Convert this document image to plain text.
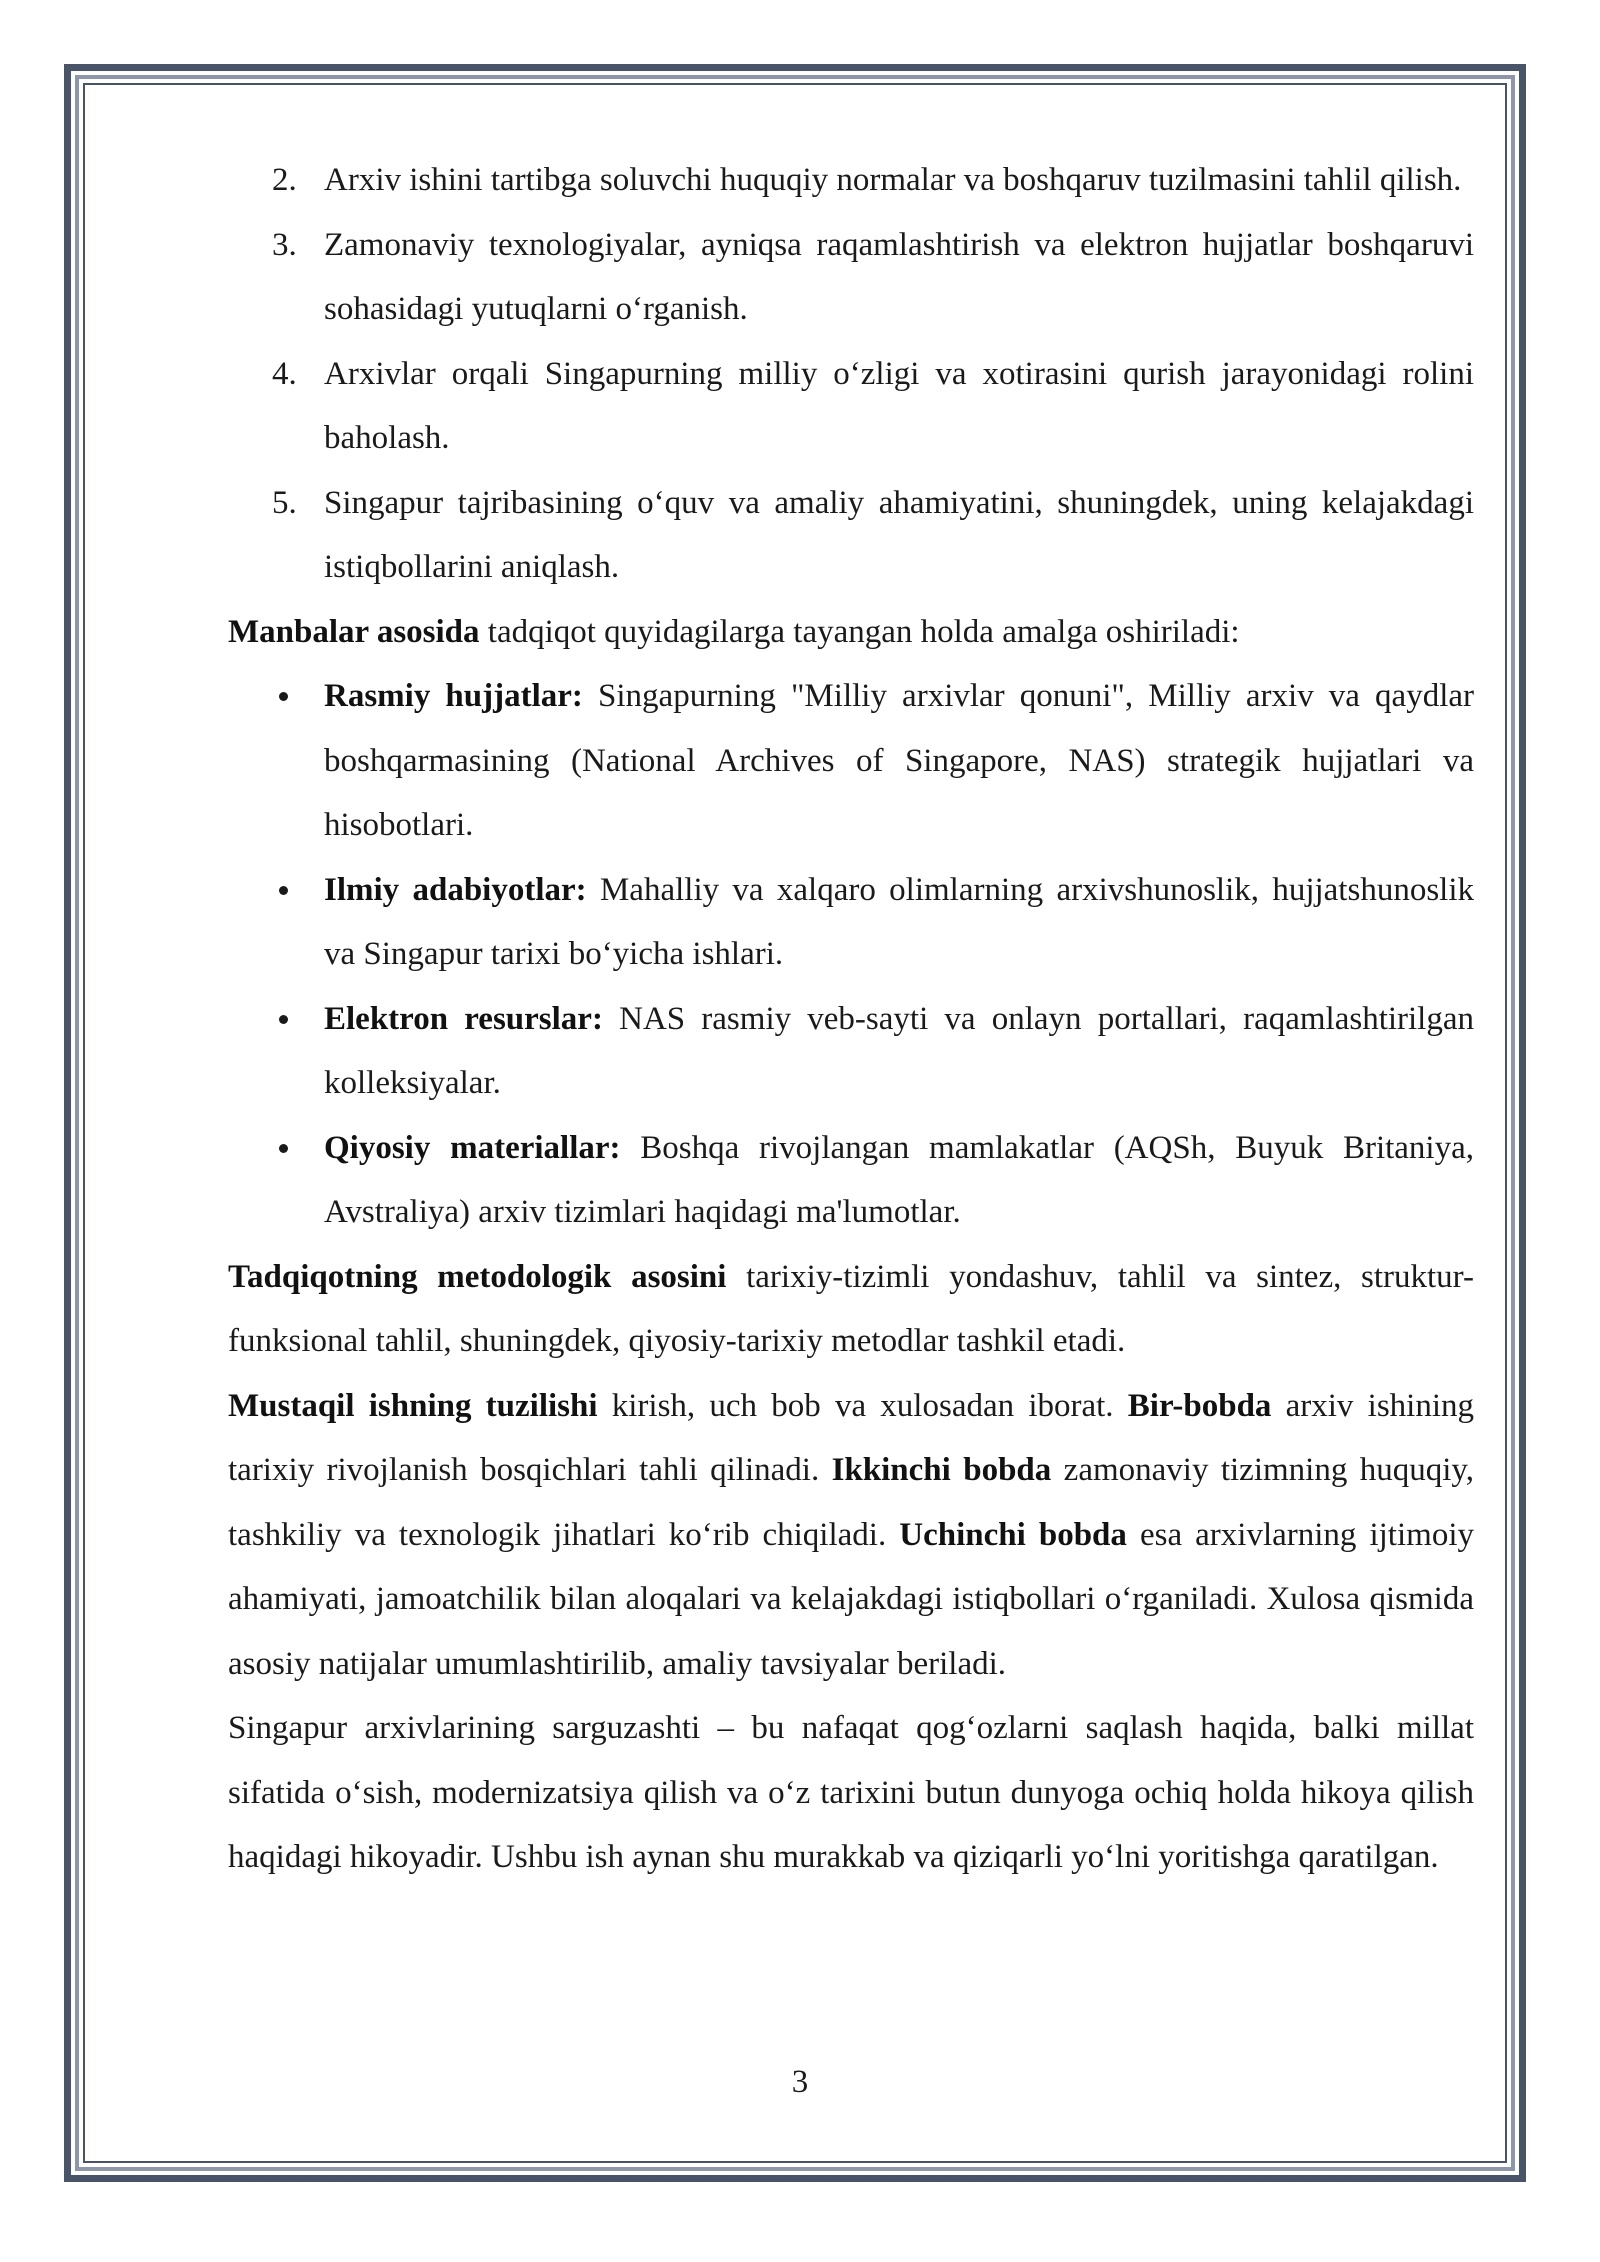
2. Arxiv ishini tartibga soluvchi huquqiy normalar va boshqaruv tuzilmasini tahlil qilish.
3. Zamonaviy texnologiyalar, ayniqsa raqamlashtirish va elektron hujjatlar boshqaruvi sohasidagi yutuqlarni o‘rganish.
4. Arxivlar orqali Singapurning milliy o‘zligi va xotirasini qurish jarayonidagi rolini baholash.
5. Singapur tajribasining o‘quv va amaliy ahamiyatini, shuningdek, uning kelajakdagi istiqbollarini aniqlash.

Manbalar asosida tadqiqot quyidagilarga tayangan holda amalga oshiriladi:

Rasmiy hujjatlar: Singapurning "Milliy arxivlar qonuni", Milliy arxiv va qaydlar boshqarmasining (National Archives of Singapore, NAS) strategik hujjatlari va hisobotlari.
Ilmiy adabiyotlar: Mahalliy va xalqaro olimlarning arxivshunoslik, hujjatshunoslik va Singapur tarixi bo‘yicha ishlari.
Elektron resurslar: NAS rasmiy veb-sayti va onlayn portallari, raqamlashtirilgan kolleksiyalar.
Qiyosiy materiallar: Boshqa rivojlangan mamlakatlar (AQSh, Buyuk Britaniya, Avstraliya) arxiv tizimlari haqidagi ma'lumotlar.

Tadqiqotning metodologik asosini tarixiy-tizimli yondashuv, tahlil va sintez, struktur-funksional tahlil, shuningdek, qiyosiy-tarixiy metodlar tashkil etadi.

Mustaqil ishning tuzilishi kirish, uch bob va xulosadan iborat. Bir-bobda arxiv ishining tarixiy rivojlanish bosqichlari tahli qilinadi. Ikkinchi bobda zamonaviy tizimning huquqiy, tashkiliy va texnologik jihatlari ko‘rib chiqiladi. Uchinchi bobda esa arxivlarning ijtimoiy ahamiyati, jamoatchilik bilan aloqalari va kelajakdagi istiqbollari o‘rganiladi. Xulosa qismida asosiy natijalar umumlashtirilib, amaliy tavsiyalar beriladi.

Singapur arxivlarining sarguzashti – bu nafaqat qog‘ozlarni saqlash haqida, balki millat sifatida o‘sish, modernizatsiya qilish va o‘z tarixini butun dunyoga ochiq holda hikoya qilish haqidagi hikoyadir. Ushbu ish aynan shu murakkab va qiziqarli yo‘lni yoritishga qaratilgan.

3
